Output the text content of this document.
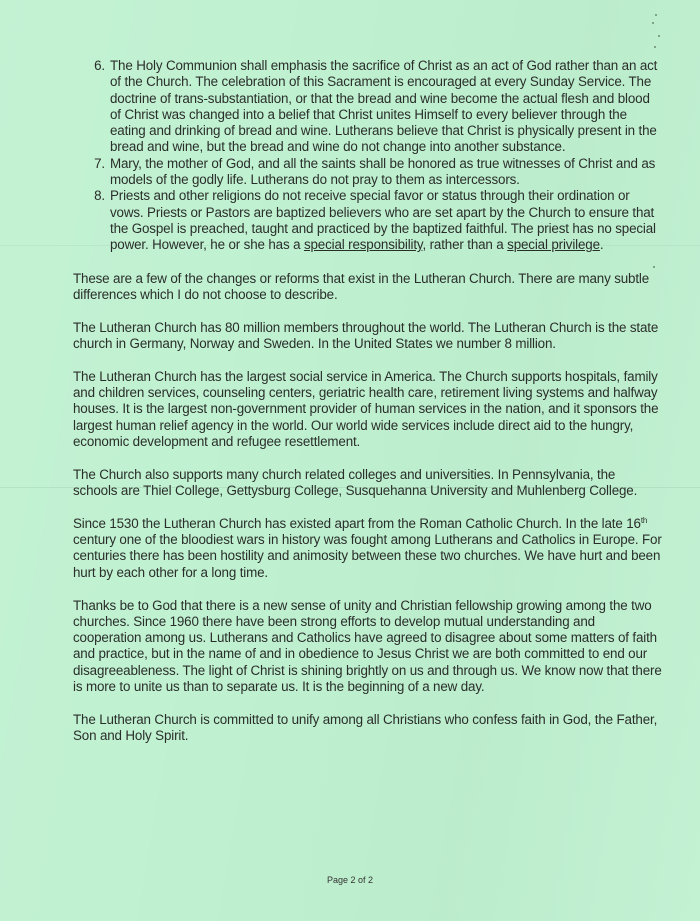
6. The Holy Communion shall emphasis the sacrifice of Christ as an act of God rather than an act of the Church. The celebration of this Sacrament is encouraged at every Sunday Service. The doctrine of trans-substantiation, or that the bread and wine become the actual flesh and blood of Christ was changed into a belief that Christ unites Himself to every believer through the eating and drinking of bread and wine. Lutherans believe that Christ is physically present in the bread and wine, but the bread and wine do not change into another substance.
7. Mary, the mother of God, and all the saints shall be honored as true witnesses of Christ and as models of the godly life. Lutherans do not pray to them as intercessors.
8. Priests and other religions do not receive special favor or status through their ordination or vows. Priests or Pastors are baptized believers who are set apart by the Church to ensure that the Gospel is preached, taught and practiced by the baptized faithful. The priest has no special power. However, he or she has a special responsibility, rather than a special privilege.

These are a few of the changes or reforms that exist in the Lutheran Church. There are many subtle differences which I do not choose to describe.

The Lutheran Church has 80 million members throughout the world. The Lutheran Church is the state church in Germany, Norway and Sweden. In the United States we number 8 million.

The Lutheran Church has the largest social service in America. The Church supports hospitals, family and children services, counseling centers, geriatric health care, retirement living systems and halfway houses. It is the largest non-government provider of human services in the nation, and it sponsors the largest human relief agency in the world. Our world wide services include direct aid to the hungry, economic development and refugee resettlement.

The Church also supports many church related colleges and universities. In Pennsylvania, the schools are Thiel College, Gettysburg College, Susquehanna University and Muhlenberg College.

Since 1530 the Lutheran Church has existed apart from the Roman Catholic Church. In the late 16th century one of the bloodiest wars in history was fought among Lutherans and Catholics in Europe. For centuries there has been hostility and animosity between these two churches. We have hurt and been hurt by each other for a long time.

Thanks be to God that there is a new sense of unity and Christian fellowship growing among the two churches. Since 1960 there have been strong efforts to develop mutual understanding and cooperation among us. Lutherans and Catholics have agreed to disagree about some matters of faith and practice, but in the name of and in obedience to Jesus Christ we are both committed to end our disagreeableness. The light of Christ is shining brightly on us and through us. We know now that there is more to unite us than to separate us. It is the beginning of a new day.

The Lutheran Church is committed to unify among all Christians who confess faith in God, the Father, Son and Holy Spirit.

Page 2 of 2
